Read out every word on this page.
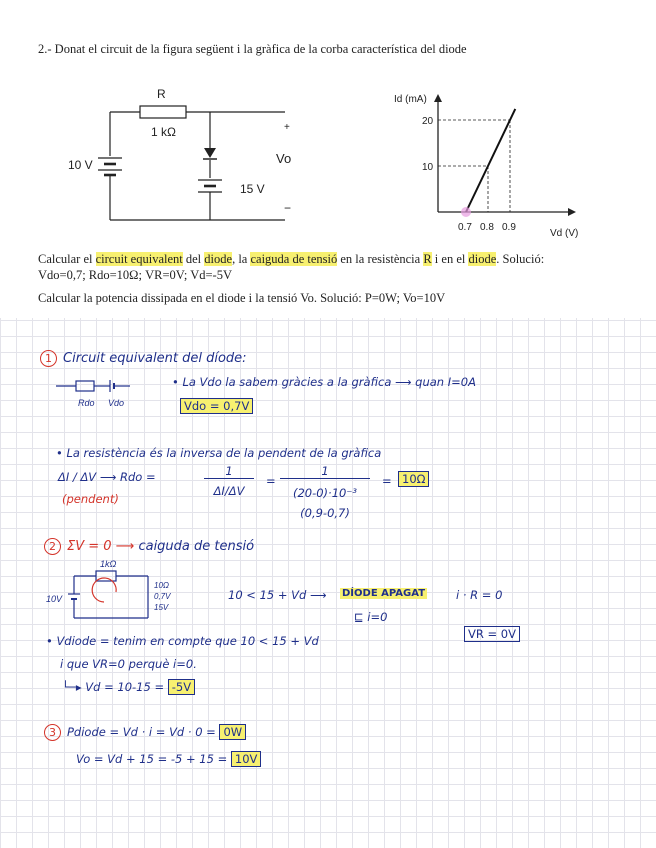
2.- Donat el circuit de la figura següent i la gràfica de la corba característica del diode
R
1 kΩ
10 V
15 V
Vo
+
−
Id (mA)
Vd (V)
0.7 0.8 0.9
20
10
Calcular el circuit equivalent del diode, la caiguda de tensió en la resistència R i en el diode. Solució:
Vdo=0,7; Rdo=10Ω; VR=0V; Vd=-5V
Calcular la potencia dissipada en el diode i la tensió Vo. Solució: P=0W; Vo=10V
1 Circuit equivalent del díode:
Rdo Vdo
• La Vdo la sabem gràcies a la gràfica ⟶ quan I=0A
Vdo = 0,7V
• La resistència és la inversa de la pendent de la gràfica
ΔI / ΔV ⟶ Rdo =
(pendent)
1
ΔI/ΔV
=
1
(20-0)·10⁻³
(0,9-0,7)
= 10Ω
2 ΣV = 0 ⟶ caiguda de tensió
1kΩ
10V
10Ω
0,7V
15V
10 < 15 + Vd ⟶ DÍODE APAGAT
⊑ i=0
i · R = 0
VR = 0V
• Vdiode = tenim en compte que 10 < 15 + Vd
i que VR=0 perquè i=0.
└─▸ Vd = 10-15 = -5V
3 Pdiode = Vd · i = Vd · 0 = 0W
Vo = Vd + 15 = -5 + 15 = 10V
